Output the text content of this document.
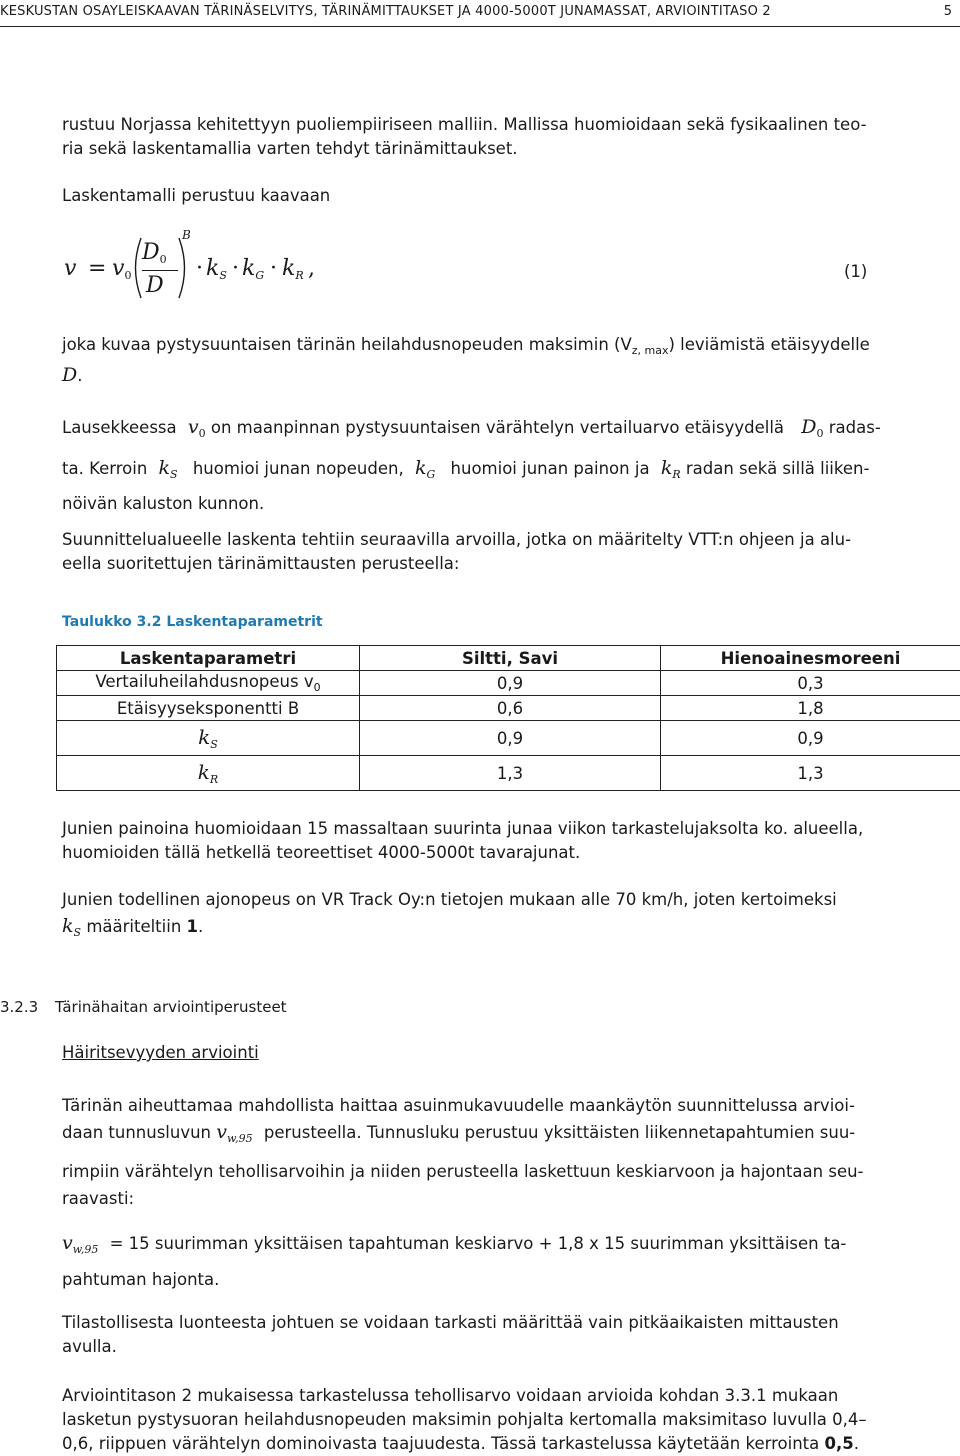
KESKUSTAN OSAYLEISKAAVAN TÄRINÄSELVITYS, TÄRINÄMITTAUKSET JA 4000-5000T JUNAMASSAT, ARVIOINTITASO 2	5
rustuu Norjassa kehitettyyn puoliempiiriseen malliin. Mallissa huomioidaan sekä fysikaalinen teo-
ria sekä laskentamallia varten tehdyt tärinämittaukset.
Laskentamalli perustuu kaavaan
v = v0
D0
D
B
· $k_S \cdot k_G \cdot k_R$ ,	(1)
joka kuvaa pystysuuntaisen tärinän heilahdusnopeuden maksimin $(V_{z, max})$ leviämistä etäisyydelle
D.
Lausekkeessa $v_0$ on maanpinnan pystysuuntaisen värähtelyn vertailuarvo etäisyydellä $D_0$ radas-
ta. Kerroin $k_S$ huomioi junan nopeuden, $k_G$ huomioi junan painon ja $k_R$ radan sekä sillä liiken-
nöivän kaluston kunnon.
Suunnittelualueelle laskenta tehtiin seuraavilla arvoilla, jotka on määritelty VTT:n ohjeen ja alu-
eella suoritettujen tärinämittausten perusteella:
Taulukko 3.2 Laskentaparametrit
Laskentaparametri	Siltti, Savi	Hienoainesmoreeni
Vertailuheilahdusnopeus $v_0$	0,9	0,3
Etäisyyseksponentti B	0,6	1,8
$k_S$	0,9	0,9
$k_R$	1,3	1,3
Junien painoina huomioidaan 15 massaltaan suurinta junaa viikon tarkastelujaksolta ko. alueella,
huomioiden tällä hetkellä teoreettiset 4000-5000t tavarajunat.
Junien todellinen ajonopeus on VR Track Oy:n tietojen mukaan alle 70 km/h, joten kertoimeksi
$k_S$ määriteltiin 1.
3.2.3 Tärinähaitan arviointiperusteet
Häiritsevyyden arviointi
Tärinän aiheuttamaa mahdollista haittaa asuinmukavuudelle maankäytön suunnittelussa arvioi-
daan tunnusluvun $v_{w,95}$ perusteella. Tunnusluku perustuu yksittäisten liikennetapahtumien suu-
rimpiin värähtelyn tehollisarvoihin ja niiden perusteella laskettuun keskiarvoon ja hajontaan seu-
raavasti:
$v_{w,95} = 15$ suurimman yksittäisen tapahtuman keskiarvo + 1,8 x 15 suurimman yksittäisen ta-
pahtuman hajonta.
Tilastollisesta luonteesta johtuen se voidaan tarkasti määrittää vain pitkäaikaisten mittausten
avulla.
Arviointitason 2 mukaisessa tarkastelussa tehollisarvo voidaan arvioida kohdan 3.3.1 mukaan
lasketun pystysuoran heilahdusnopeuden maksimin pohjalta kertomalla maksimitaso luvulla 0,4–
0,6, riippuen värähtelyn dominoivasta taajuudesta. Tässä tarkastelussa käytetään kerrointa 0,5.
